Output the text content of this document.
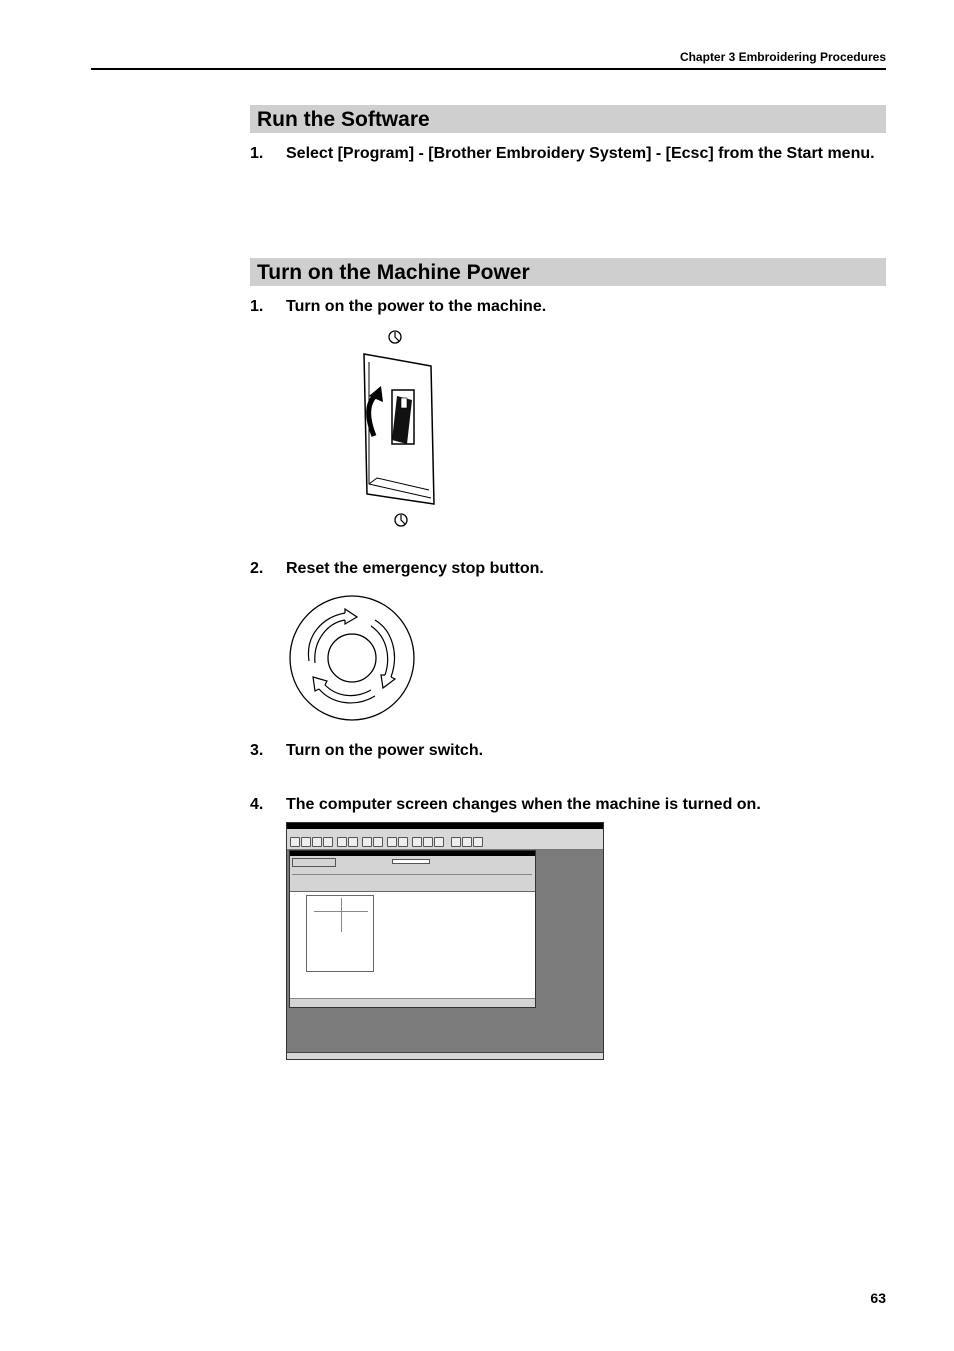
Chapter 3 Embroidering Procedures
Run the Software
1.	Select [Program] - [Brother Embroidery System] - [Ecsc] from the Start menu.
Turn on the Machine Power
1.	Turn on the power to the machine.
2.	Reset the emergency stop button.
3.	Turn on the power switch.
4.	The computer screen changes when the machine is turned on.
63
